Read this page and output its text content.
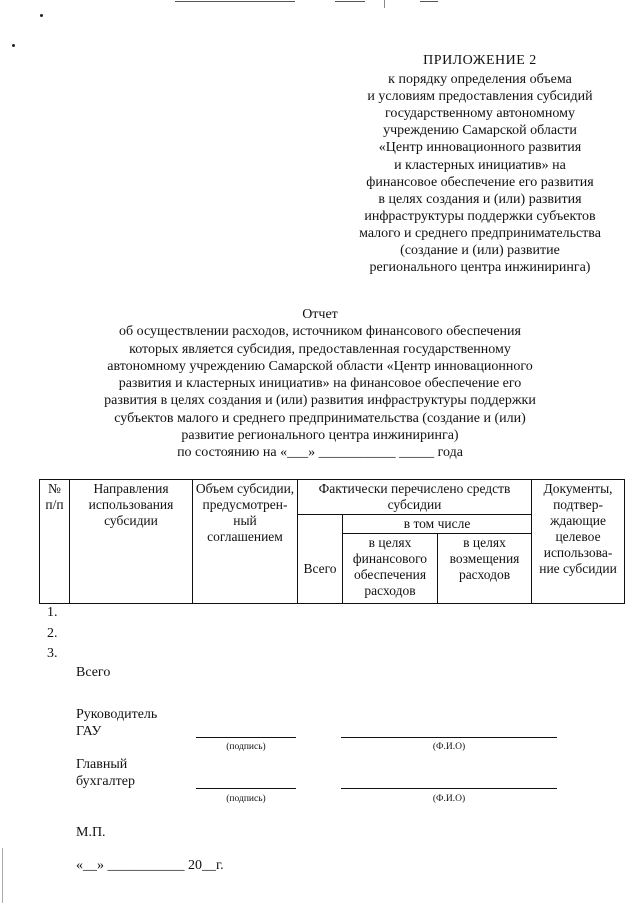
ПРИЛОЖЕНИЕ 2
к порядку определения объема
и условиям предоставления субсидий
государственному автономному
учреждению Самарской области
«Центр инновационного развития
и кластерных инициатив» на
финансовое обеспечение его развития
в целях создания и (или) развития
инфраструктуры поддержки субъектов
малого и среднего предпринимательства
(создание и (или) развитие
регионального центра инжиниринга)
Отчет
об осуществлении расходов, источником финансового обеспечения
которых является субсидия, предоставленная государственному
автономному учреждению Самарской области «Центр инновационного
развития и кластерных инициатив» на финансовое обеспечение его
развития в целях создания и (или) развития инфраструктуры поддержки
субъектов малого и среднего предпринимательства (создание и (или)
развитие регионального центра инжиниринга)
по состоянию на «___» ___________ _____ года
№ п/п	Направления использования субсидии	Объем субсидии, предусмотрен-ный соглашением	Фактически перечислено средств субсидии			Документы, подтвер-ждающие целевое использова-ние субсидии
			Всего	в том числе		
				в целях финансового обеспечения расходов	в целях возмещения расходов	
1.
2.
3.
Всего
Руководитель
ГАУ
(подпись)	(Ф.И.О)
Главный
бухгалтер
(подпись)	(Ф.И.О)
М.П.
«__» ___________ 20__г.
